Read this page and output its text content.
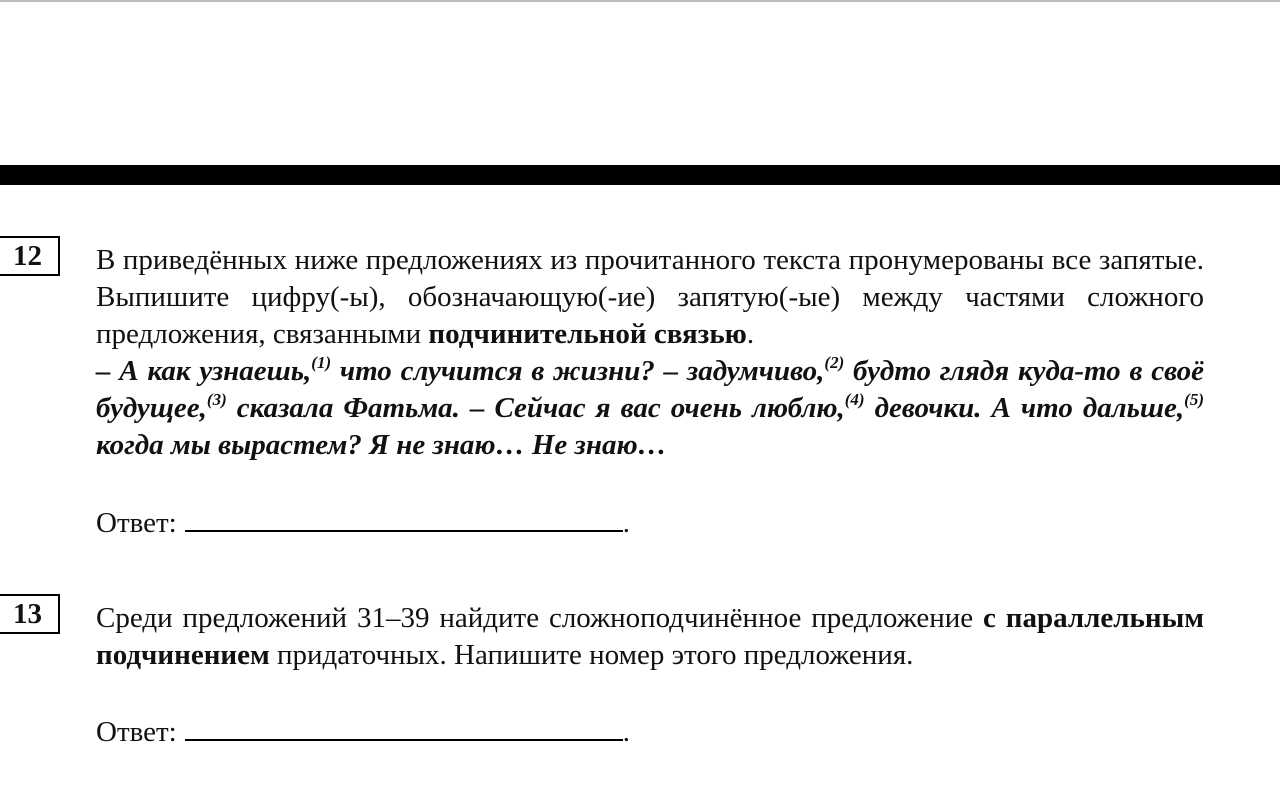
12	В приведённых ниже предложениях из прочитанного текста пронумерованы все запятые. Выпишите цифру(-ы), обозначающую(-ие) запятую(-ые) между частями сложного предложения, связанными подчинительной связью.
– А как узнаешь,$^{(1)}$ что случится в жизни? – задумчиво,$^{(2)}$ будто глядя куда-то в своё будущее,$^{(3)}$ сказала Фатьма. – Сейчас я вас очень люблю,$^{(4)}$ девочки. А что дальше,$^{(5)}$ когда мы вырастем? Я не знаю… Не знаю…
Ответ:	.
13	Среди предложений 31–39 найдите сложноподчинённое предложение с параллельным подчинением придаточных. Напишите номер этого предложения.
Ответ:	.
